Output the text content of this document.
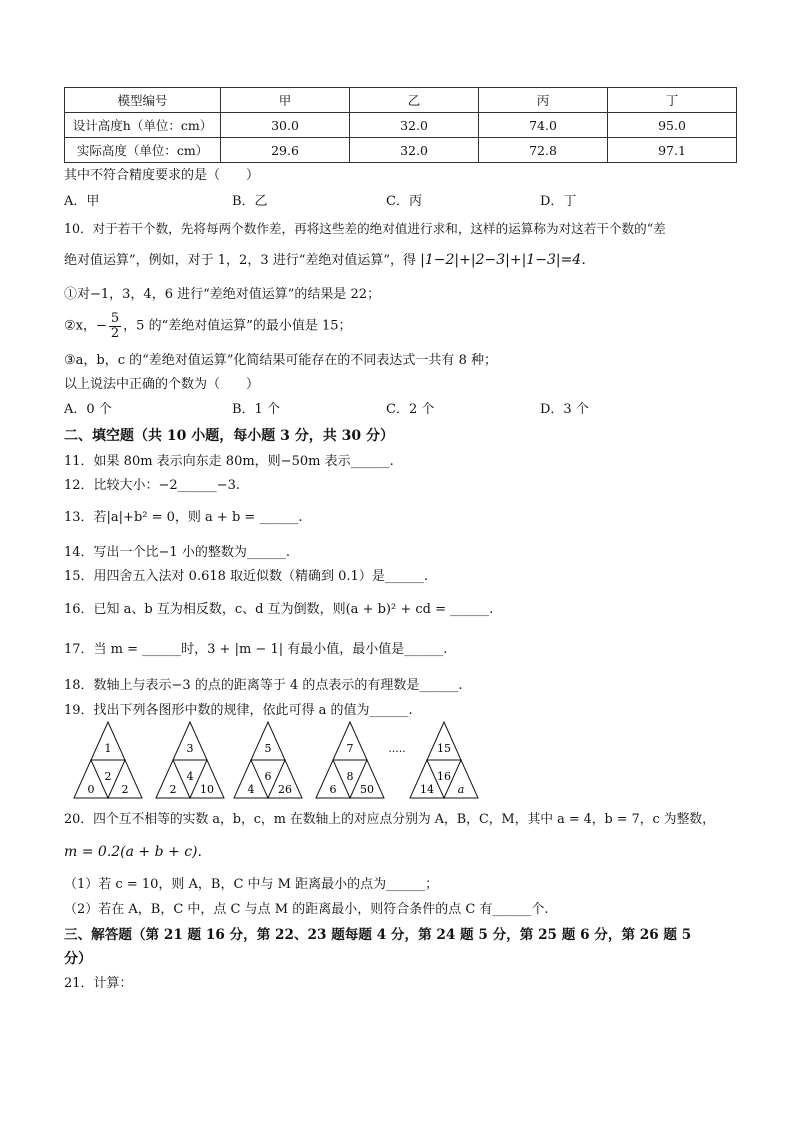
模型编号	甲	乙	丙	丁
设计高度h（单位：cm）	30.0	32.0	74.0	95.0
实际高度（单位：cm）	29.6	32.0	72.8	97.1
其中不符合精度要求的是（　　）
A．甲	B．乙	C．丙	D．丁
10．对于若干个数，先将每两个数作差，再将这些差的绝对值进行求和，这样的运算称为对这若干个数的“差
绝对值运算”，例如，对于 1，2，3 进行“差绝对值运算”，得 |1−2|+|2−3|+|1−3|=4．
①对−1，3，4，6 进行“差绝对值运算”的结果是 22；
②x，− $\frac{5}{2}$ ，5 的“差绝对值运算”的最小值是 15；
③a，b，c 的“差绝对值运算”化简结果可能存在的不同表达式一共有 8 种；
以上说法中正确的个数为（　　）
A．0 个	B．1 个	C．2 个	D．3 个
二、填空题（共 10 小题，每小题 3 分，共 30 分）
11．如果 80m 表示向东走 80m，则−50m 表示______.
12．比较大小：−2______−3.
13．若|a|+b² = 0，则 a + b = ______.
14．写出一个比−1 小的整数为______.
15．用四舍五入法对 0.618 取近似数（精确到 0.1）是______.
16．已知 a、b 互为相反数，c、d 互为倒数，则(a + b)² + cd = ______.
17．当 m = ______时，3 + |m − 1| 有最小值，最小值是______.
18．数轴上与表示−3 的点的距离等于 4 的点表示的有理数是______.
19．找出下列各图形中数的规律，依此可得 a 的值为______.
1
2
0 2
3
4
2 10
5
6
4 26
7
8
6 50
.....	15
16
14 a
20．四个互不相等的实数 a，b，c，m 在数轴上的对应点分别为 A，B，C，M，其中 a = 4，b = 7，c 为整数，
m = 0.2(a + b + c).
（1）若 c = 10，则 A，B，C 中与 M 距离最小的点为______；
（2）若在 A，B，C 中，点 C 与点 M 的距离最小，则符合条件的点 C 有______个.
三、解答题（第 21 题 16 分，第 22、23 题每题 4 分，第 24 题 5 分，第 25 题 6 分，第 26 题 5
分）
21．计算：
